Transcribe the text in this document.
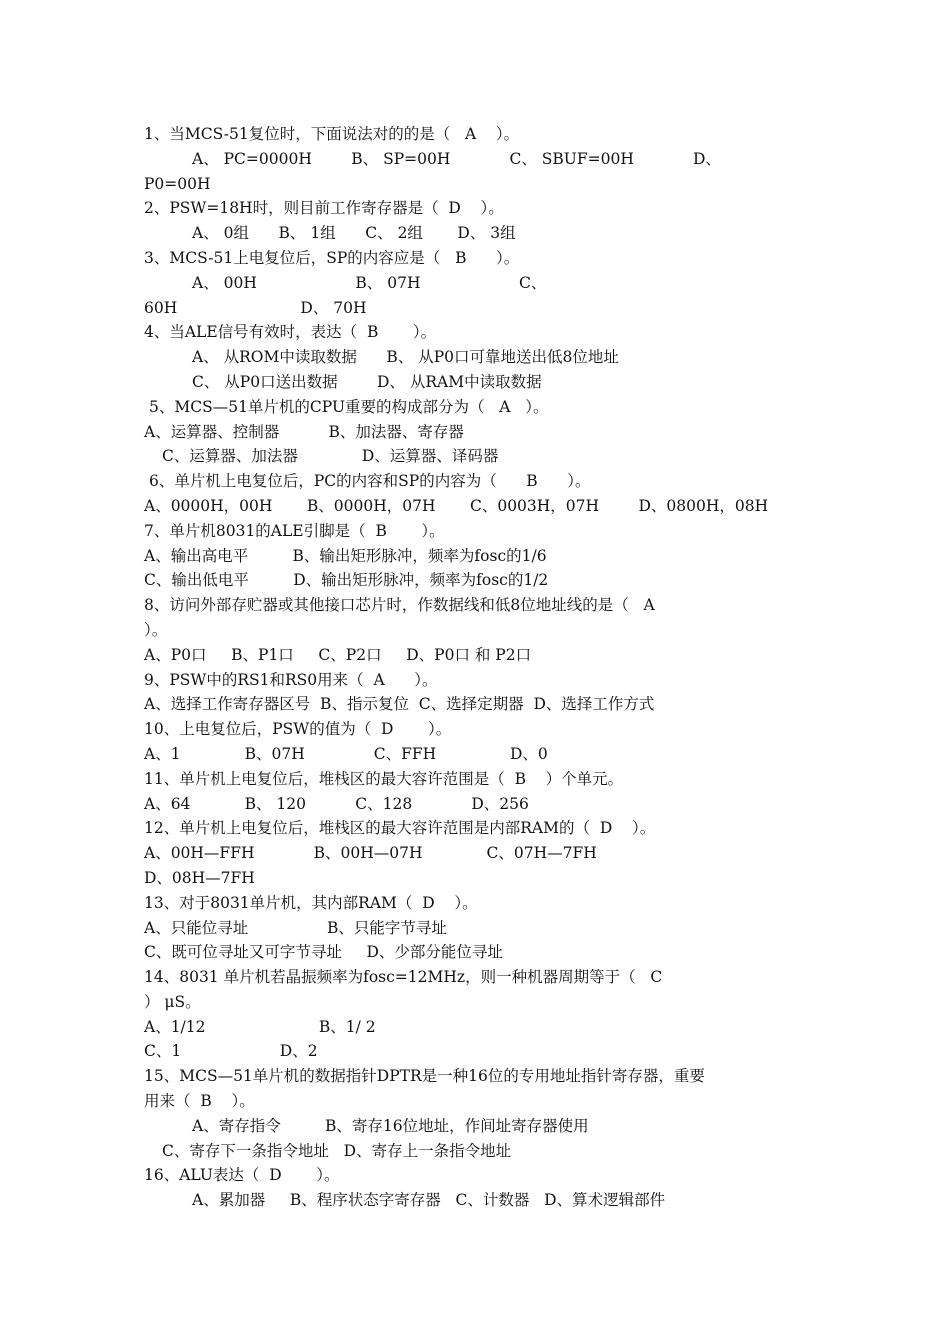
1、当MCS-51复位时，下面说法对的的是（   A    ）。
A、 PC=0000H        B、 SP=00H            C、 SBUF=00H            D、
P0=00H
2、PSW=18H时，则目前工作寄存器是（  D    ）。
A、 0组      B、 1组      C、 2组       D、 3组
3、MCS-51上电复位后，SP的内容应是（   B      ）。
A、 00H                    B、 07H                    C、
60H                         D、 70H
4、当ALE信号有效时，表达（  B       ）。
A、 从ROM中读取数据      B、 从P0口可靠地送出低8位地址
C、 从P0口送出数据        D、 从RAM中读取数据
5、MCS—51单片机的CPU重要的构成部分为（   A   ）。
A、运算器、控制器          B、加法器、寄存器
C、运算器、加法器             D、运算器、译码器
6、单片机上电复位后，PC的内容和SP的内容为（      B      ）。
A、0000H，00H       B、0000H，07H       C、0003H，07H        D、0800H，08H
7、单片机8031的ALE引脚是（  B       ）。
A、输出高电平         B、输出矩形脉冲，频率为fosc的1/6
C、输出低电平         D、输出矩形脉冲，频率为fosc的1/2
8、访问外部存贮器或其他接口芯片时，作数据线和低8位地址线的是（   A
）。
A、P0口     B、P1口     C、P2口     D、P0口 和 P2口
9、PSW中的RS1和RS0用来（  A      ）。
A、选择工作寄存器区号  B、指示复位  C、选择定期器  D、选择工作方式
10、上电复位后，PSW的值为（  D       ）。
A、1             B、07H              C、FFH               D、0
11、单片机上电复位后，堆栈区的最大容许范围是（  B    ）个单元。
A、64           B、 120          C、128            D、256
12、单片机上电复位后，堆栈区的最大容许范围是内部RAM的（  D    ）。
A、00H—FFH            B、00H—07H             C、07H—7FH
D、08H—7FH
13、对于8031单片机，其内部RAM（  D    ）。
A、只能位寻址                B、只能字节寻址
C、既可位寻址又可字节寻址     D、少部分能位寻址
14、8031 单片机若晶振频率为fosc=12MHz，则一种机器周期等于（   C
） μS。
A、1/12                       B、1/ 2
C、1                    D、2
15、MCS—51单片机的数据指针DPTR是一种16位的专用地址指针寄存器，重要
用来（  B    ）。
A、寄存指令         B、寄存16位地址，作间址寄存器使用
C、寄存下一条指令地址   D、寄存上一条指令地址
16、ALU表达（  D       ）。
A、累加器     B、程序状态字寄存器   C、计数器   D、算术逻辑部件
